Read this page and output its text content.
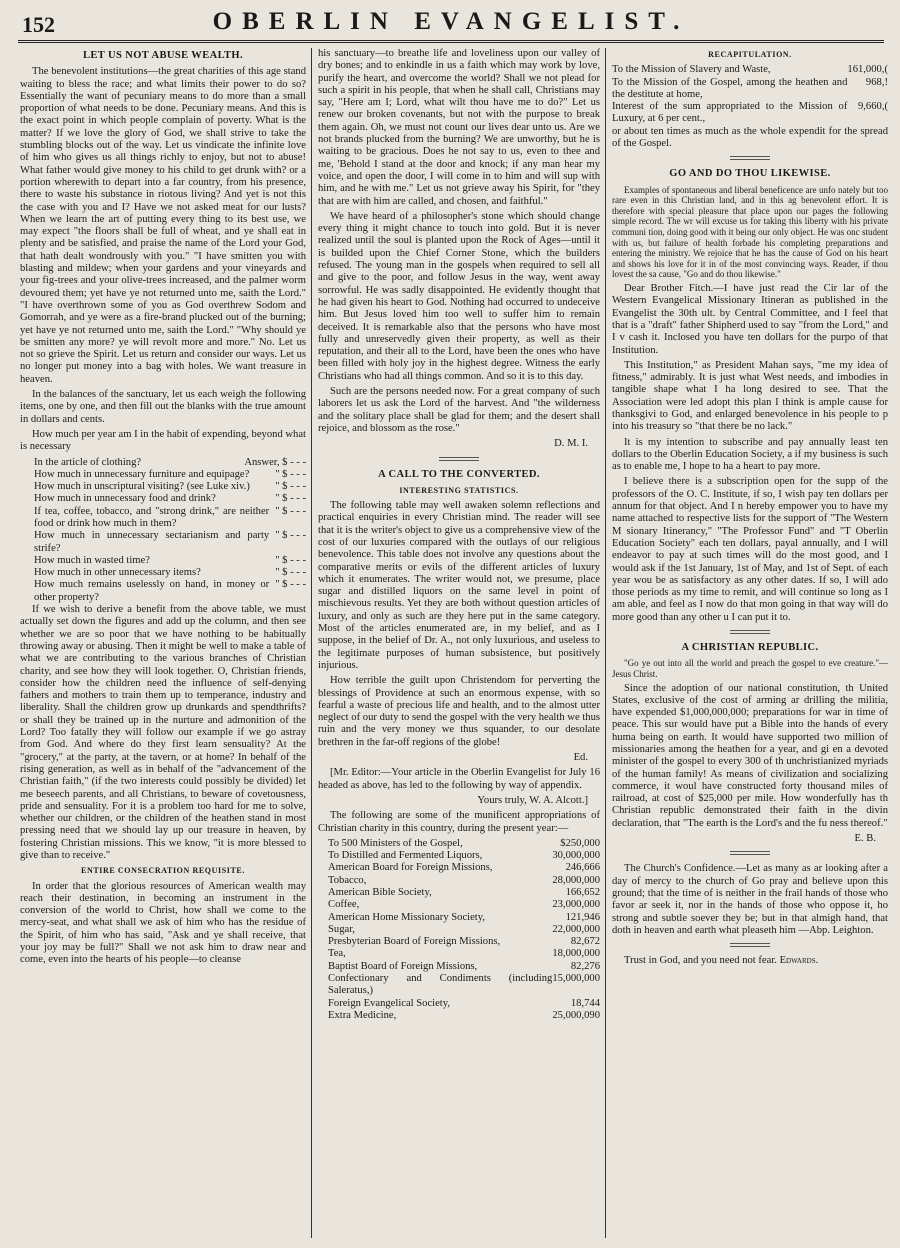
152	OBERLIN EVANGELIST.
LET US NOT ABUSE WEALTH.

The benevolent institutions—the great charities of this age stand waiting to bless the race; and what limits their power to do so? Essentially the want of pecuniary means to do more than a small proportion of what needs to be done. Pecuniary means. And this is the exact point in which people complain of poverty. What is the matter? If we love the glory of God, we shall strive to take the stumbling blocks out of the way. Let us vindicate the infinite love of him who gives us all things richly to enjoy, but not to abuse! What father would give money to his child to get drunk with? or a portion wherewith to depart into a far country, from his presence, there to waste his substance in riotous living? And yet is not this the case with you and I? Have we not asked meat for our lusts? When we learn the art of putting every thing to its best use, we may expect "the floors shall be full of wheat, and ye shall eat in plenty and be satisfied, and praise the name of the Lord your God, that hath dealt wondrously with you." "I have smitten you with blasting and mildew; when your gardens and your vineyards and your fig-trees and your olive-trees increased, and the palmer worm devoured them; yet have ye not returned unto me, saith the Lord." "I have overthrown some of you as God overthrew Sodom and Gomorrah, and ye were as a fire-brand plucked out of the burning; yet have ye not returned unto me, saith the Lord." "Why should ye be smitten any more? ye will revolt more and more." No. Let us not so grieve the Spirit. Let us return and consider our ways. Let us no longer put money into a bag with holes. We want treasure in heaven.

In the balances of the sanctuary, let us each weigh the following items, one by one, and then fill out the blanks with the true amount in dollars and cents.

How much per year am I in the habit of expending, beyond what is necessary

In the article of clothing?	Answer, $ - - -
How much in unnecessary furniture and equipage?	" $ - - -
How much in unscriptural visiting? (see Luke xiv.)	" $ - - -
How much in unnecessary food and drink?	" $ - - -
If tea, coffee, tobacco, and "strong drink," are neither food or drink how much in them?
" $ - - -
How much in unnecessary sectarianism and party strife?
" $ - - -
How much in wasted time?	" $ - - -
How much in other unnecessary items?	" $ - - -
How much remains uselessly on hand, in money or other property?
" $ - - -

If we wish to derive a benefit from the above table, we must actually set down the figures and add up the column, and then see whether we are so poor that we have nothing to be habitually throwing away or abusing. Then it might be well to make a table of what we are contributing to the various branches of Christian charity, and see how they will look together. O, Christian friends, consider how the children need the influence of self-denying fathers and mothers to train them up to temperance, industry and liberality. Shall the children grow up drunkards and spendthrifts? or shall they be trained up in the nurture and admonition of the Lord? Too fatally they will follow our example if we go astray from God. And where do they first learn sensuality? At the "grocery," at the party, at the tavern, or at home? In behalf of the rising generation, as well as in behalf of the "advancement of the Christian faith," (if the two interests could possibly be divided) let me beseech parents, and all Christians, to beware of covetousness, pride and sensuality. For it is a problem too hard for me to solve, whether our children, or the children of the heathen stand in most pressing need that we should lay up our treasure in heaven, by fostering Christian missions. This we know, "it is more blessed to give than to receive."

ENTIRE CONSECRATION REQUISITE.

In order that the glorious resources of American wealth may reach their destination, in becoming an instrument in the conversion of the world to Christ, how shall we come to the mercy-seat, and what shall we ask of him who has the residue of the Spirit, of him who has said, "Ask and ye shall receive, that your joy may be full?" Shall we not ask him to draw near and come, even into the hearts of his people—to cleanse

his sanctuary—to breathe life and loveliness upon our valley of dry bones; and to enkindle in us a faith which may work by love, purify the heart, and overcome the world? Shall we not plead for such a spirit in his people, that when he shall call, Christians may say, "Here am I; Lord, what wilt thou have me to do?" Let us renew our broken covenants, but not with the purpose to break them again. Oh, we must not count our lives dear unto us. Are we not brands plucked from the burning? We are unworthy, but he is waiting to be gracious. Does he not say to us, even to thee and me, 'Behold I stand at the door and knock; if any man hear my voice, and open the door, I will come in to him and will sup with him, and he with me." Let us not grieve away his Spirit, for "they that are with him are called, and chosen, and faithful."

We have heard of a philosopher's stone which should change every thing it might chance to touch into gold. But it is never realized until the soul is planted upon the Rock of Ages—until it is builded upon the Chief Corner Stone, which the builders refused. The young man in the gospels when required to sell all and give to the poor, and follow Jesus in the way, went away sorrowful. He was sadly disappointed. He evidently thought that he had given his heart to God. Nothing had occurred to undeceive him. But Jesus loved him too well to suffer him to remain deceived. It is remarkable also that the persons who have most fully and unreservedly given their property, as well as their reputation, and their all to the Lord, have been the ones who have been filled with holy joy in the highest degree. Witness the early Christians who had all things common. And so it is to this day.

Such are the persons needed now. For a great company of such laborers let us ask the Lord of the harvest. And "the wilderness and the solitary place shall be glad for them; and the desert shall rejoice, and blossom as the rose."

D. M. I.

A CALL TO THE CONVERTED.
INTERESTING STATISTICS.

The following table may well awaken solemn reflections and practical enquiries in every Christian mind. The reader will see that it is the writer's object to give us a comprehensive view of the cost of our luxuries compared with the outlays of our religious benevolence. This table does not involve any questions about the comparative merits or evils of the different articles of luxury which it enumerates. The writer would not, we presume, place sugar and distilled liquors on the same level in point of mischievous results. Yet they are both without question articles of luxury, and only as such are they here put in the same category. Most of the articles enumerated are, in my belief, and as I suppose, in the belief of Dr. A., not only luxurious, and useless to the legitimate purposes of human subsistence, but positively injurious.

How terrible the guilt upon Christendom for perverting the blessings of Providence at such an enormous expense, with so fearful a waste of precious life and health, and to the almost utter neglect of our duty to send the gospel with the very health we thus ruin and the very money we thus squander, to our desolate brethren in the far-off regions of the globe!

Ed.

[Mr. Editor:—Your article in the Oberlin Evangelist for July 16 headed as above, has led to the following by way of appendix.

Yours truly, W. A. Alcott.]

The following are some of the munificent appropriations of Christian charity in this country, during the present year:—

To 500 Ministers of the Gospel,	$250,000
To Distilled and Fermented Liquors,	30,000,000
American Board for Foreign Missions,	246,666
Tobacco,	28,000,000
American Bible Society,	166,652
Coffee,	23,000,000
American Home Missionary Society,	121,946
Sugar,	22,000,000
Presbyterian Board of Foreign Missions,	82,672
Tea,	18,000,000
Baptist Board of Foreign Missions,	82,276
Confectionary and Condiments (including Saleratus,)	15,000,000
Foreign Evangelical Society,	18,744
Extra Medicine,	25,000,090
RECAPITULATION.
To the Mission of Slavery and Waste,	161,000,(
To the Mission of the Gospel, among the heathen and the destitute at home,	968,!
Interest of the sum appropriated to the Mission of Luxury, at 6 per cent.,	9,660,(

or about ten times as much as the whole expendit for the spread of the Gospel.

GO AND DO THOU LIKEWISE.

Examples of spontaneous and liberal beneficence are unfo nately but too rare even in this Christian land, and in this ag benevolent effort. It is therefore with special pleasure that place upon our pages the following simple record. The wr will excuse us for taking this liberty with his private communi tion, doing good with it being our only object. He was onc student with us, but failure of health forbade his completing preparations and entering the ministry. We rejoice that he has the cause of God on his heart and shows his love for it in of the most convincing ways. Reader, if thou lovest the sa cause, "Go and do thou likewise."

Dear Brother Fitch.—I have just read the Cir lar of the Western Evangelical Missionary Itineran as published in the Evangelist the 30th ult. by Central Committee, and I feel that that is a "draft" father Shipherd used to say "from the Lord," and I v cash it. Inclosed you have ten dollars for the purpo of that Institution.

This Institution," as President Mahan says, "me my idea of fitness," admirably. It is just what West needs, and imbodies in tangible shape what I ha long desired to see. That the Association were led adopt this plan I think is ample cause for thanksgivi to God, and enlarged benevolence in his people to p into his treasury so "that there be no lack."

It is my intention to subscribe and pay annually least ten dollars to the Oberlin Education Society, a if my business is such as to enable me, I hope to ha a heart to pay more.

I believe there is a subscription open for the supp of the professors of the O. C. Institute, if so, I wish pay ten dollars per annum for that object. And I n hereby empower you to have my name attached to respective lists for the support of "The Western M sionary Itinerancy," "The Professor Fund" and "T Oberlin Education Society" each ten dollars, payal annually, and I will endeavor to pay at such times will do the most good, and I would ask if the 1st January, 1st of May, and 1st of Sept. of each year wou be as satisfactory as any other dates. If so, I will ado those periods as my time to remit, and will continue so long as I am able, and feel as I now do that mon going in that way will do more good than any other u I can put it to.

A CHRISTIAN REPUBLIC.

"Go ye out into all the world and preach the gospel to eve creature."—Jesus Christ.

Since the adoption of our national constitution, th United States, exclusive of the cost of arming ar drilling the militia, have expended $1,000,000,000; preparations for war in time of peace. This sur would have put a Bible into the hands of every huma being on earth. It would have supported two million of missionaries among the heathen for a year, and gi en a devoted minister of the gospel to every 300 of th unchristianized myriads of the human family! As means of civilization and socializing commerce, it woul have constructed forty thousand miles of railroad, at cost of $25,000 per mile. How wonderfully has th Christian republic demonstrated their faith in the divin declaration, that "The earth is the Lord's and the fu ness thereof."

E. B.

The Church's Confidence.—Let as many as ar looking after a day of mercy to the church of Go pray and believe upon this ground; that the time of is neither in the frail hands of those who favor ar seek it, nor in the hands of those who oppose it, ho strong and subtle soever they be; but in that almigh hand, that doth in heaven and earth what pleaseth him —Abp. Leighton.

Trust in God, and you need not fear. Edwards.
